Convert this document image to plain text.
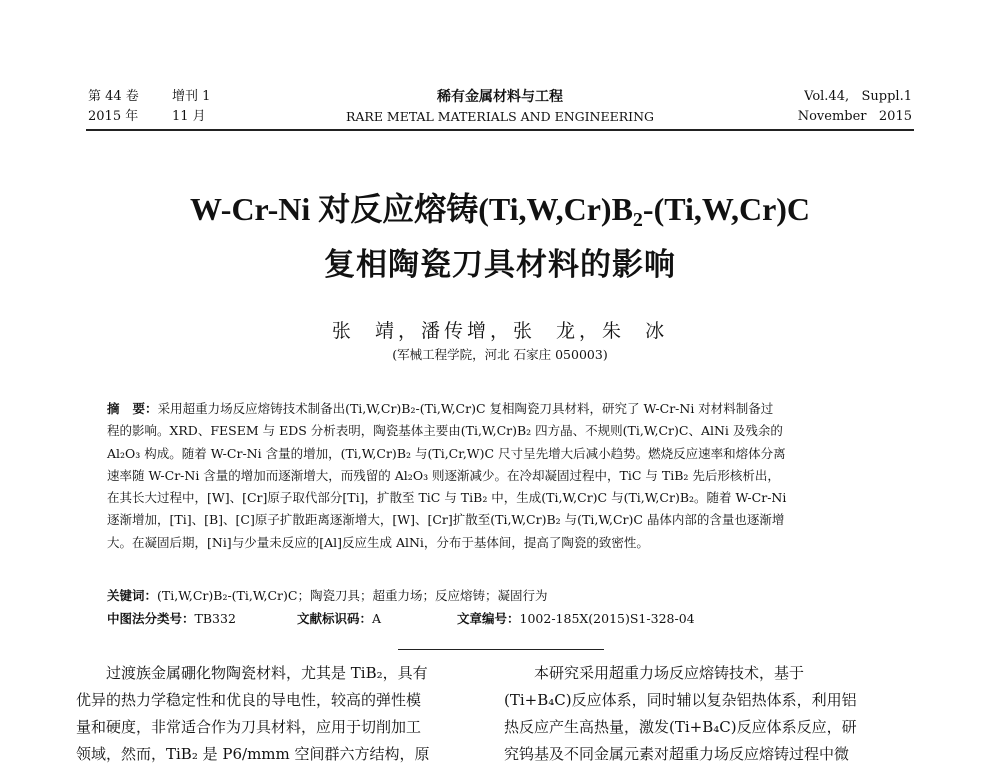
第 44 卷
2015 年
增刊 1
11 月
稀有金属材料与工程
RARE METAL MATERIALS AND ENGINEERING
Vol.44,   Suppl.1
November   2015
W-Cr-Ni 对反应熔铸$(Ti,W,Cr)B_2-(Ti,W,Cr)C$
复相陶瓷刀具材料的影响
张  靖，潘传增，张  龙，朱  冰
(军械工程学院，河北 石家庄 050003)
摘   要：采用超重力场反应熔铸技术制备出(Ti,W,Cr)B₂-(Ti,W,Cr)C 复相陶瓷刀具材料，研究了 W-Cr-Ni 对材料制备过
程的影响。XRD、FESEM 与 EDS 分析表明，陶瓷基体主要由(Ti,W,Cr)B₂ 四方晶、不规则(Ti,W,Cr)C、AlNi 及残余的
Al₂O₃ 构成。随着 W-Cr-Ni 含量的增加，(Ti,W,Cr)B₂ 与(Ti,Cr,W)C 尺寸呈先增大后减小趋势。燃烧反应速率和熔体分离
速率随 W-Cr-Ni 含量的增加而逐渐增大，而残留的 Al₂O₃ 则逐渐减少。在冷却凝固过程中，TiC 与 TiB₂ 先后形核析出，
在其长大过程中，[W]、[Cr]原子取代部分[Ti]，扩散至 TiC 与 TiB₂ 中，生成(Ti,W,Cr)C 与(Ti,W,Cr)B₂。随着 W-Cr-Ni
逐渐增加，[Ti]、[B]、[C]原子扩散距离逐渐增大，[W]、[Cr]扩散至(Ti,W,Cr)B₂ 与(Ti,W,Cr)C 晶体内部的含量也逐渐增
大。在凝固后期，[Ni]与少量未反应的[Al]反应生成 AlNi，分布于基体间，提高了陶瓷的致密性。
关键词：(Ti,W,Cr)B₂-(Ti,W,Cr)C；陶瓷刀具；超重力场；反应熔铸；凝固行为
中图法分类号：TB332	文献标识码：A	文章编号：1002-185X(2015)S1-328-04
过渡族金属硼化物陶瓷材料，尤其是 TiB₂，具有
优异的热力学稳定性和优良的导电性，较高的弹性模
量和硬度，非常适合作为刀具材料，应用于切削加工
领域，然而，TiB₂ 是 P6/mmm 空间群六方结构，原
本研究采用超重力场反应熔铸技术，基于
(Ti+B₄C)反应体系，同时辅以复杂铝热体系，利用铝
热反应产生高热量，激发(Ti+B₄C)反应体系反应，研
究钨基及不同金属元素对超重力场反应熔铸过程中微
